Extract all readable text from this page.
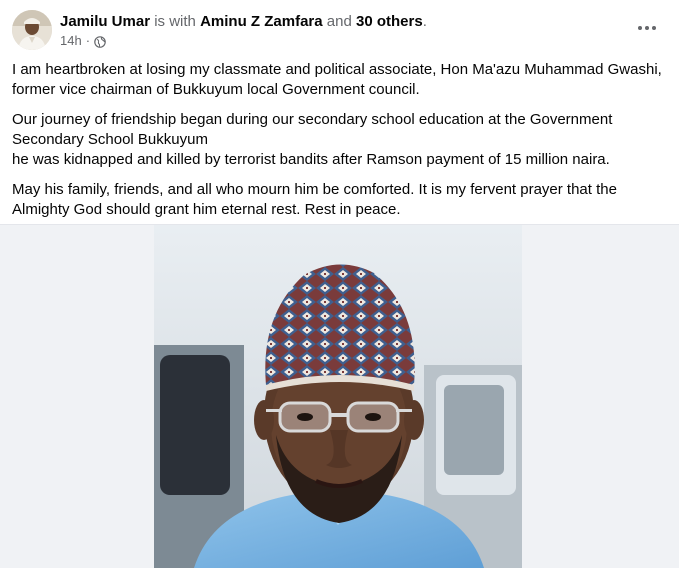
Jamilu Umar is with Aminu Z Zamfara and 30 others.
14h ·

I am heartbroken at losing my classmate and political associate, Hon Ma'azu Muhammad Gwashi,
former vice chairman of Bukkuyum local Government council.

Our journey of friendship began during our secondary school education at the Government
Secondary School Bukkuyum
he was kidnapped and killed by terrorist bandits after Ramson payment of 15 million naira.

May his family, friends, and all who mourn him be comforted. It is my fervent prayer that the
Almighty God should grant him eternal rest. Rest in peace.
